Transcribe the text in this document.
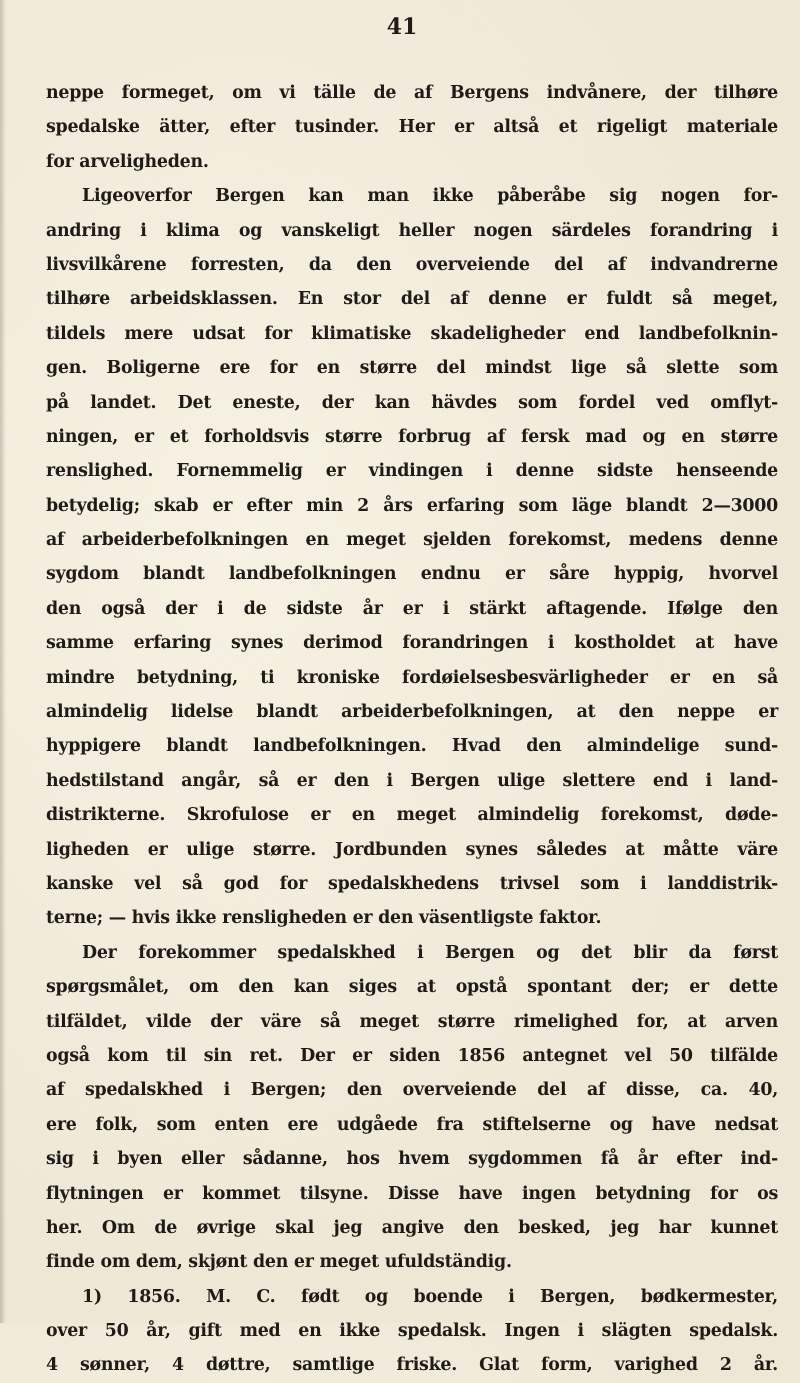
41
neppe formeget, om vi tälle de af Bergens indvånere, der tilhøre
spedalske ätter, efter tusinder. Her er altså et rigeligt materiale
for arveligheden.
Ligeoverfor Bergen kan man ikke påberåbe sig nogen for-
andring i klima og vanskeligt heller nogen särdeles forandring i
livsvilkårene forresten, da den overveiende del af indvandrerne
tilhøre arbeidsklassen. En stor del af denne er fuldt så meget,
tildels mere udsat for klimatiske skadeligheder end landbefolknin-
gen. Boligerne ere for en større del mindst lige så slette som
på landet. Det eneste, der kan hävdes som fordel ved omflyt-
ningen, er et forholdsvis større forbrug af fersk mad og en større
renslighed. Fornemmelig er vindingen i denne sidste henseende
betydelig; skab er efter min 2 års erfaring som läge blandt 2—3000
af arbeiderbefolkningen en meget sjelden forekomst, medens denne
sygdom blandt landbefolkningen endnu er såre hyppig, hvorvel
den også der i de sidste år er i stärkt aftagende. Ifølge den
samme erfaring synes derimod forandringen i kostholdet at have
mindre betydning, ti kroniske fordøielsesbesvärligheder er en så
almindelig lidelse blandt arbeiderbefolkningen, at den neppe er
hyppigere blandt landbefolkningen. Hvad den almindelige sund-
hedstilstand angår, så er den i Bergen ulige slettere end i land-
distrikterne. Skrofulose er en meget almindelig forekomst, døde-
ligheden er ulige større. Jordbunden synes således at måtte väre
kanske vel så god for spedalskhedens trivsel som i landdistrik-
terne; — hvis ikke rensligheden er den väsentligste faktor.
Der forekommer spedalskhed i Bergen og det blir da først
spørgsmålet, om den kan siges at opstå spontant der; er dette
tilfäldet, vilde der väre så meget større rimelighed for, at arven
også kom til sin ret. Der er siden 1856 antegnet vel 50 tilfälde
af spedalskhed i Bergen; den overveiende del af disse, ca. 40,
ere folk, som enten ere udgåede fra stiftelserne og have nedsat
sig i byen eller sådanne, hos hvem sygdommen få år efter ind-
flytningen er kommet tilsyne. Disse have ingen betydning for os
her. Om de øvrige skal jeg angive den besked, jeg har kunnet
finde om dem, skjønt den er meget ufuldständig.
1) 1856. M. C. født og boende i Bergen, bødkermester,
over 50 år, gift med en ikke spedalsk. Ingen i slägten spedalsk.
4 sønner, 4 døttre, samtlige friske. Glat form, varighed 2 år.
